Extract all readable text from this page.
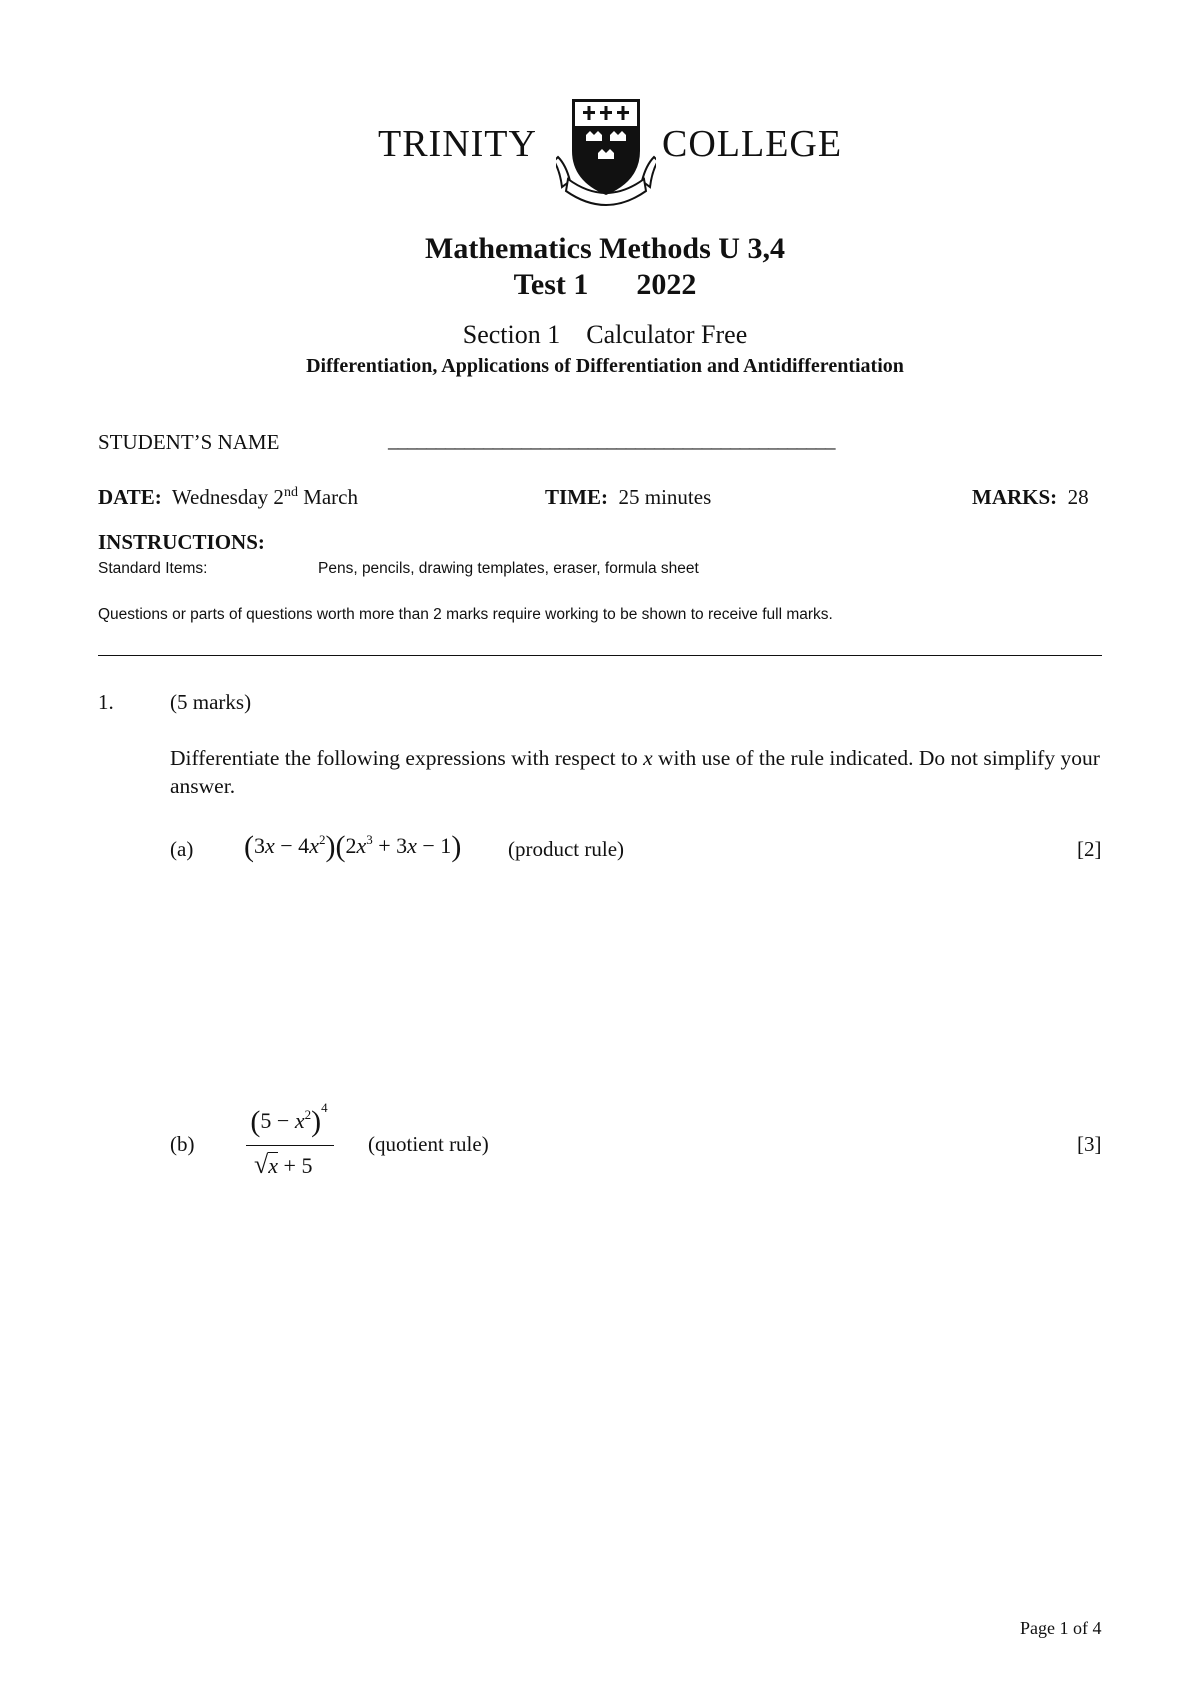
TRINITY	COLLEGE
Mathematics Methods U 3,4
Test 1 2022
Section 1 Calculator Free
Differentiation, Applications of Differentiation and Antidifferentiation
STUDENT’S NAME	_______________________________________________
DATE: Wednesday 2nd March	TIME: 25 minutes	MARKS: 28
INSTRUCTIONS:
Standard Items:	Pens, pencils, drawing templates, eraser, formula sheet
Questions or parts of questions worth more than 2 marks require working to be shown to receive full marks.
1.	(5 marks)
Differentiate the following expressions with respect to x with use of the rule indicated. Do not simplify your answer.
(a) $(3x - 4x^2)(2x^3 + 3x - 1)$ (product rule)	[2]
(b)
$(5 - x^2)^4$
√x + 5
(quotient rule)	[3]
Page 1 of 4
